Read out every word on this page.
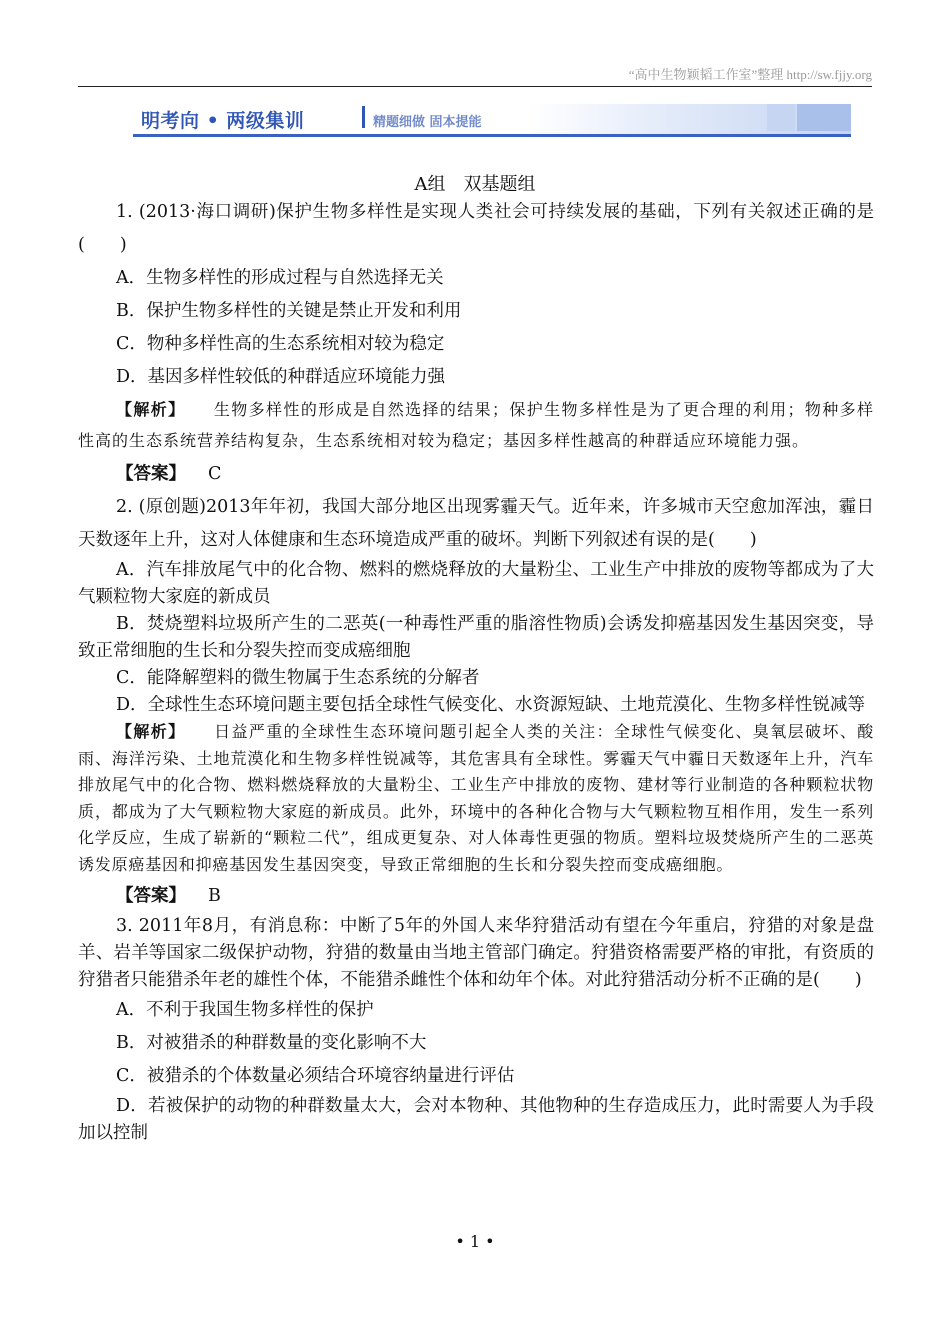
“高中生物颖韬工作室”整理 http://sw.fjjy.org
明考向 • 两级集训	精题细做 固本提能
A组　双基题组

1. (2013·海口调研)保护生物多样性是实现人类社会可持续发展的基础，下列有关叙述正确的是(　　)

A．生物多样性的形成过程与自然选择无关

B．保护生物多样性的关键是禁止开发和利用

C．物种多样性高的生态系统相对较为稳定

D．基因多样性较低的种群适应环境能力强

【解析】 生物多样性的形成是自然选择的结果；保护生物多样性是为了更合理的利用；物种多样性高的生态系统营养结构复杂，生态系统相对较为稳定；基因多样性越高的种群适应环境能力强。

【答案】 C

2. (原创题)2013年年初，我国大部分地区出现雾霾天气。近年来，许多城市天空愈加浑浊，霾日天数逐年上升，这对人体健康和生态环境造成严重的破坏。判断下列叙述有误的是(　　)

A．汽车排放尾气中的化合物、燃料的燃烧释放的大量粉尘、工业生产中排放的废物等都成为了大气颗粒物大家庭的新成员

B．焚烧塑料垃圾所产生的二恶英(一种毒性严重的脂溶性物质)会诱发抑癌基因发生基因突变，导致正常细胞的生长和分裂失控而变成癌细胞

C．能降解塑料的微生物属于生态系统的分解者

D．全球性生态环境问题主要包括全球性气候变化、水资源短缺、土地荒漠化、生物多样性锐减等

【解析】 日益严重的全球性生态环境问题引起全人类的关注：全球性气候变化、臭氧层破坏、酸雨、海洋污染、土地荒漠化和生物多样性锐减等，其危害具有全球性。雾霾天气中霾日天数逐年上升，汽车排放尾气中的化合物、燃料燃烧释放的大量粉尘、工业生产中排放的废物、建材等行业制造的各种颗粒状物质，都成为了大气颗粒物大家庭的新成员。此外，环境中的各种化合物与大气颗粒物互相作用，发生一系列化学反应，生成了崭新的“颗粒二代”，组成更复杂、对人体毒性更强的物质。塑料垃圾焚烧所产生的二恶英诱发原癌基因和抑癌基因发生基因突变，导致正常细胞的生长和分裂失控而变成癌细胞。

【答案】 B

3. 2011年8月，有消息称：中断了5年的外国人来华狩猎活动有望在今年重启，狩猎的对象是盘羊、岩羊等国家二级保护动物，狩猎的数量由当地主管部门确定。狩猎资格需要严格的审批，有资质的狩猎者只能猎杀年老的雄性个体，不能猎杀雌性个体和幼年个体。对此狩猎活动分析不正确的是(　　)

A．不利于我国生物多样性的保护

B．对被猎杀的种群数量的变化影响不大

C．被猎杀的个体数量必须结合环境容纳量进行评估

D．若被保护的动物的种群数量太大，会对本物种、其他物种的生存造成压力，此时需要人为手段加以控制

• 1 •
